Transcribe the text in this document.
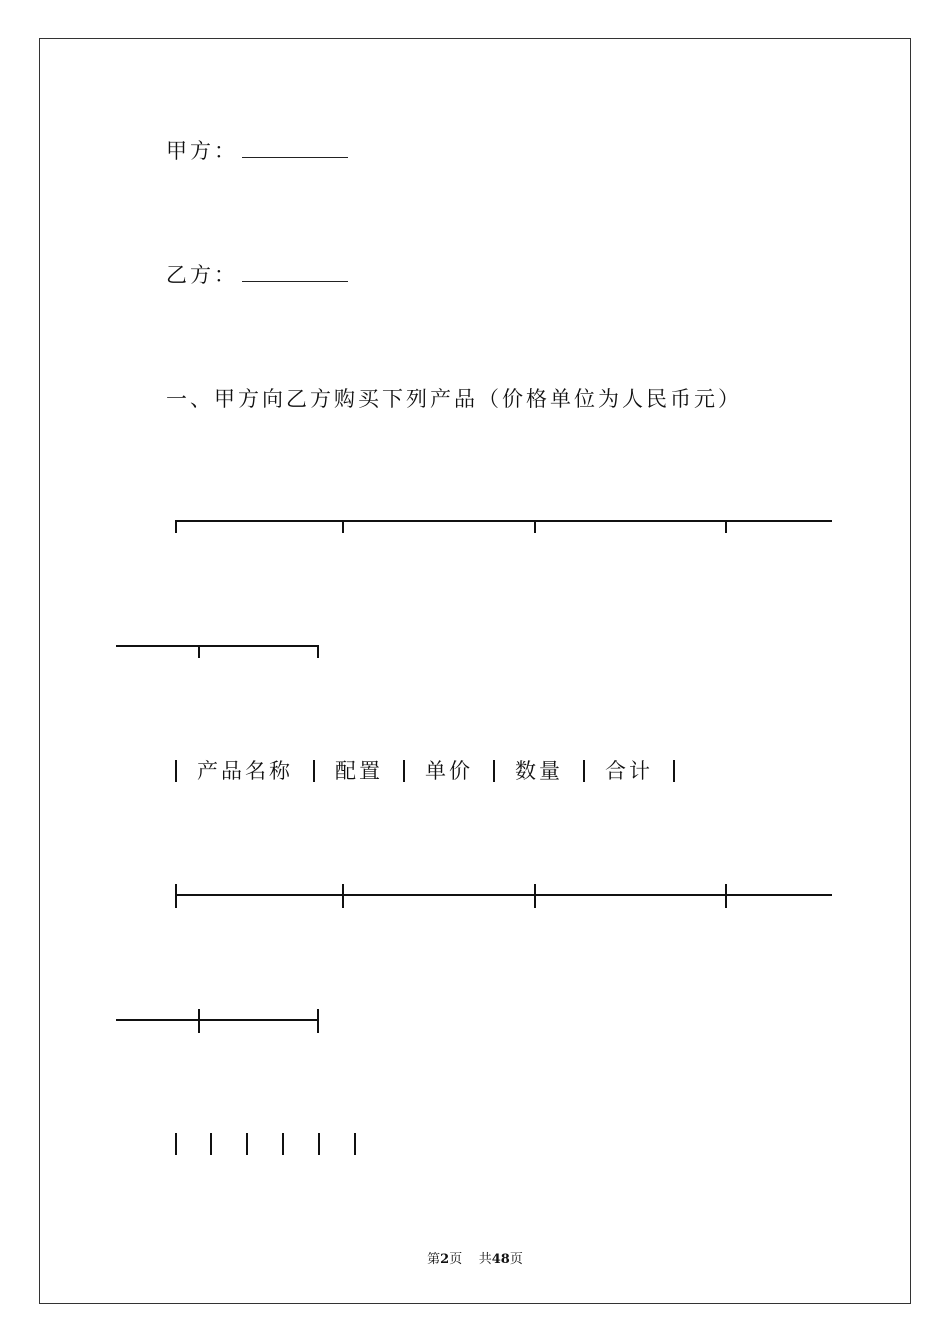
甲方：
乙方：
一、甲方向乙方购买下列产品（价格单位为人民币元）
产品名称 配置 单价 数量 合计
第2页 共48页
